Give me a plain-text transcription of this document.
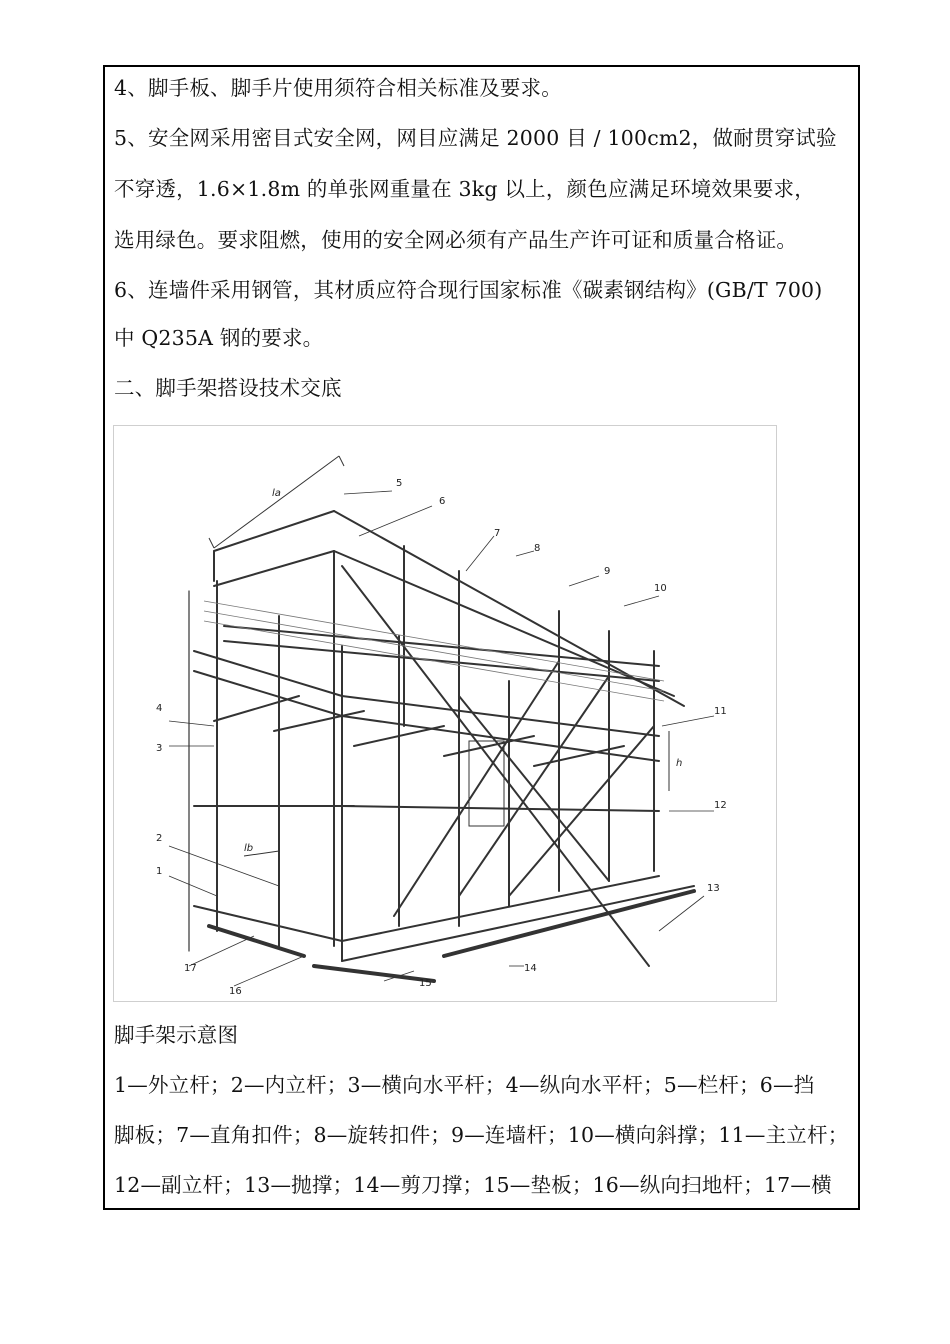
4、脚手板、脚手片使用须符合相关标准及要求。
5、安全网采用密目式安全网，网目应满足 2000 目 / 100cm2，做耐贯穿试验
不穿透，1.6×1.8m 的单张网重量在 3kg 以上，颜色应满足环境效果要求，
选用绿色。要求阻燃，使用的安全网必须有产品生产许可证和质量合格证。
6、连墙件采用钢管，其材质应符合现行国家标准《碳素钢结构》(GB/T 700)
中 Q235A 钢的要求。
二、脚手架搭设技术交底
5
6
7
8
9
10
11
12
13
14
15
16
17
4
3
2
1
la
lb
h
脚手架示意图
1—外立杆；2—内立杆；3—横向水平杆；4—纵向水平杆；5—栏杆；6—挡
脚板；7—直角扣件；8—旋转扣件；9—连墙杆；10—横向斜撑；11—主立杆；
12—副立杆；13—抛撑；14—剪刀撑；15—垫板；16—纵向扫地杆；17—横
